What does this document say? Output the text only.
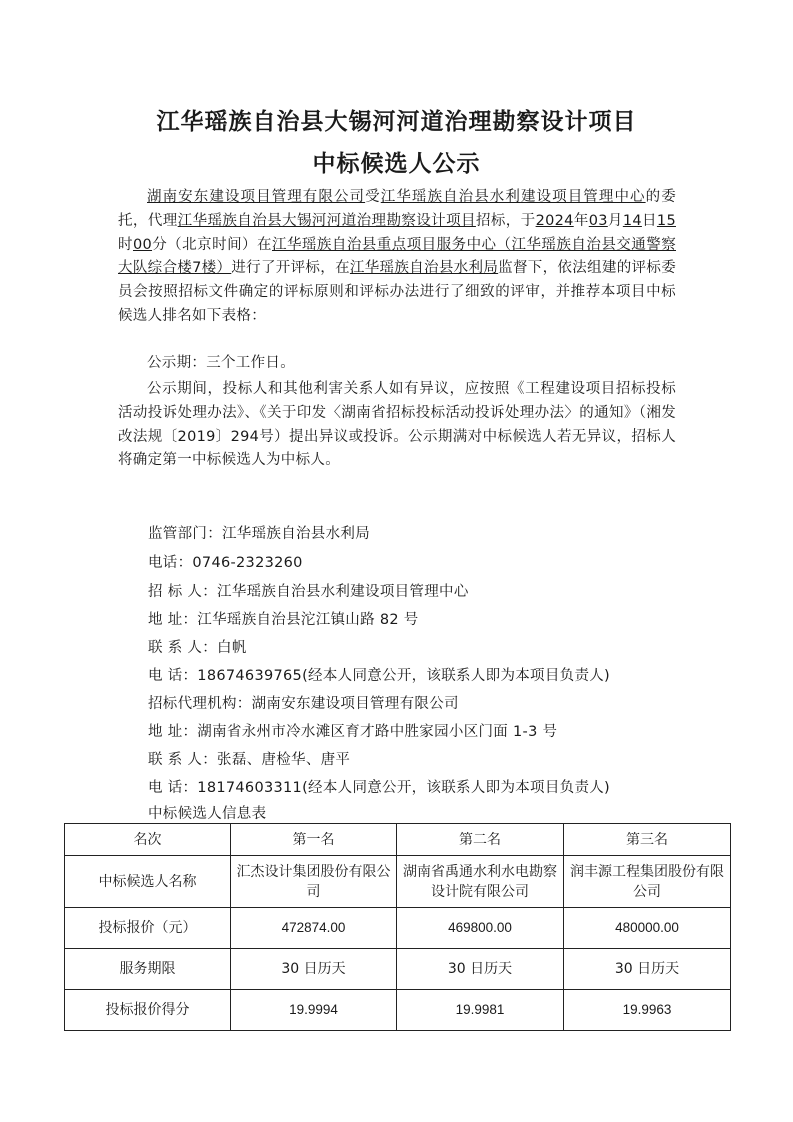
江华瑶族自治县大锡河河道治理勘察设计项目
中标候选人公示
湖南安东建设项目管理有限公司受江华瑶族自治县水利建设项目管理中心的委托，代理江华瑶族自治县大锡河河道治理勘察设计项目招标，于2024年03月14日15时00分（北京时间）在江华瑶族自治县重点项目服务中心（江华瑶族自治县交通警察大队综合楼7楼）进行了开评标，在江华瑶族自治县水利局监督下，依法组建的评标委员会按照招标文件确定的评标原则和评标办法进行了细致的评审，并推荐本项目中标候选人排名如下表格：
公示期：三个工作日。
公示期间，投标人和其他利害关系人如有异议，应按照《工程建设项目招标投标活动投诉处理办法》、《关于印发〈湖南省招标投标活动投诉处理办法〉的通知》（湘发改法规〔2019〕294号）提出异议或投诉。公示期满对中标候选人若无异议，招标人将确定第一中标候选人为中标人。
监管部门：江华瑶族自治县水利局
电话：0746-2323260
招 标 人：江华瑶族自治县水利建设项目管理中心
地 址：江华瑶族自治县沱江镇山路 82 号
联 系 人：白帆
电 话：18674639765(经本人同意公开，该联系人即为本项目负责人)
招标代理机构：湖南安东建设项目管理有限公司
地 址：湖南省永州市冷水滩区育才路中胜家园小区门面 1-3 号
联 系 人：张磊、唐检华、唐平
电 话：18174603311(经本人同意公开，该联系人即为本项目负责人)
中标候选人信息表
名次	第一名	第二名	第三名
中标候选人名称	汇杰设计集团股份有限公司	湖南省禹通水利水电勘察设计院有限公司	润丰源工程集团股份有限公司
投标报价（元）	472874.00	469800.00	480000.00
服务期限	30 日历天	30 日历天	30 日历天
投标报价得分	19.9994	19.9981	19.9963
